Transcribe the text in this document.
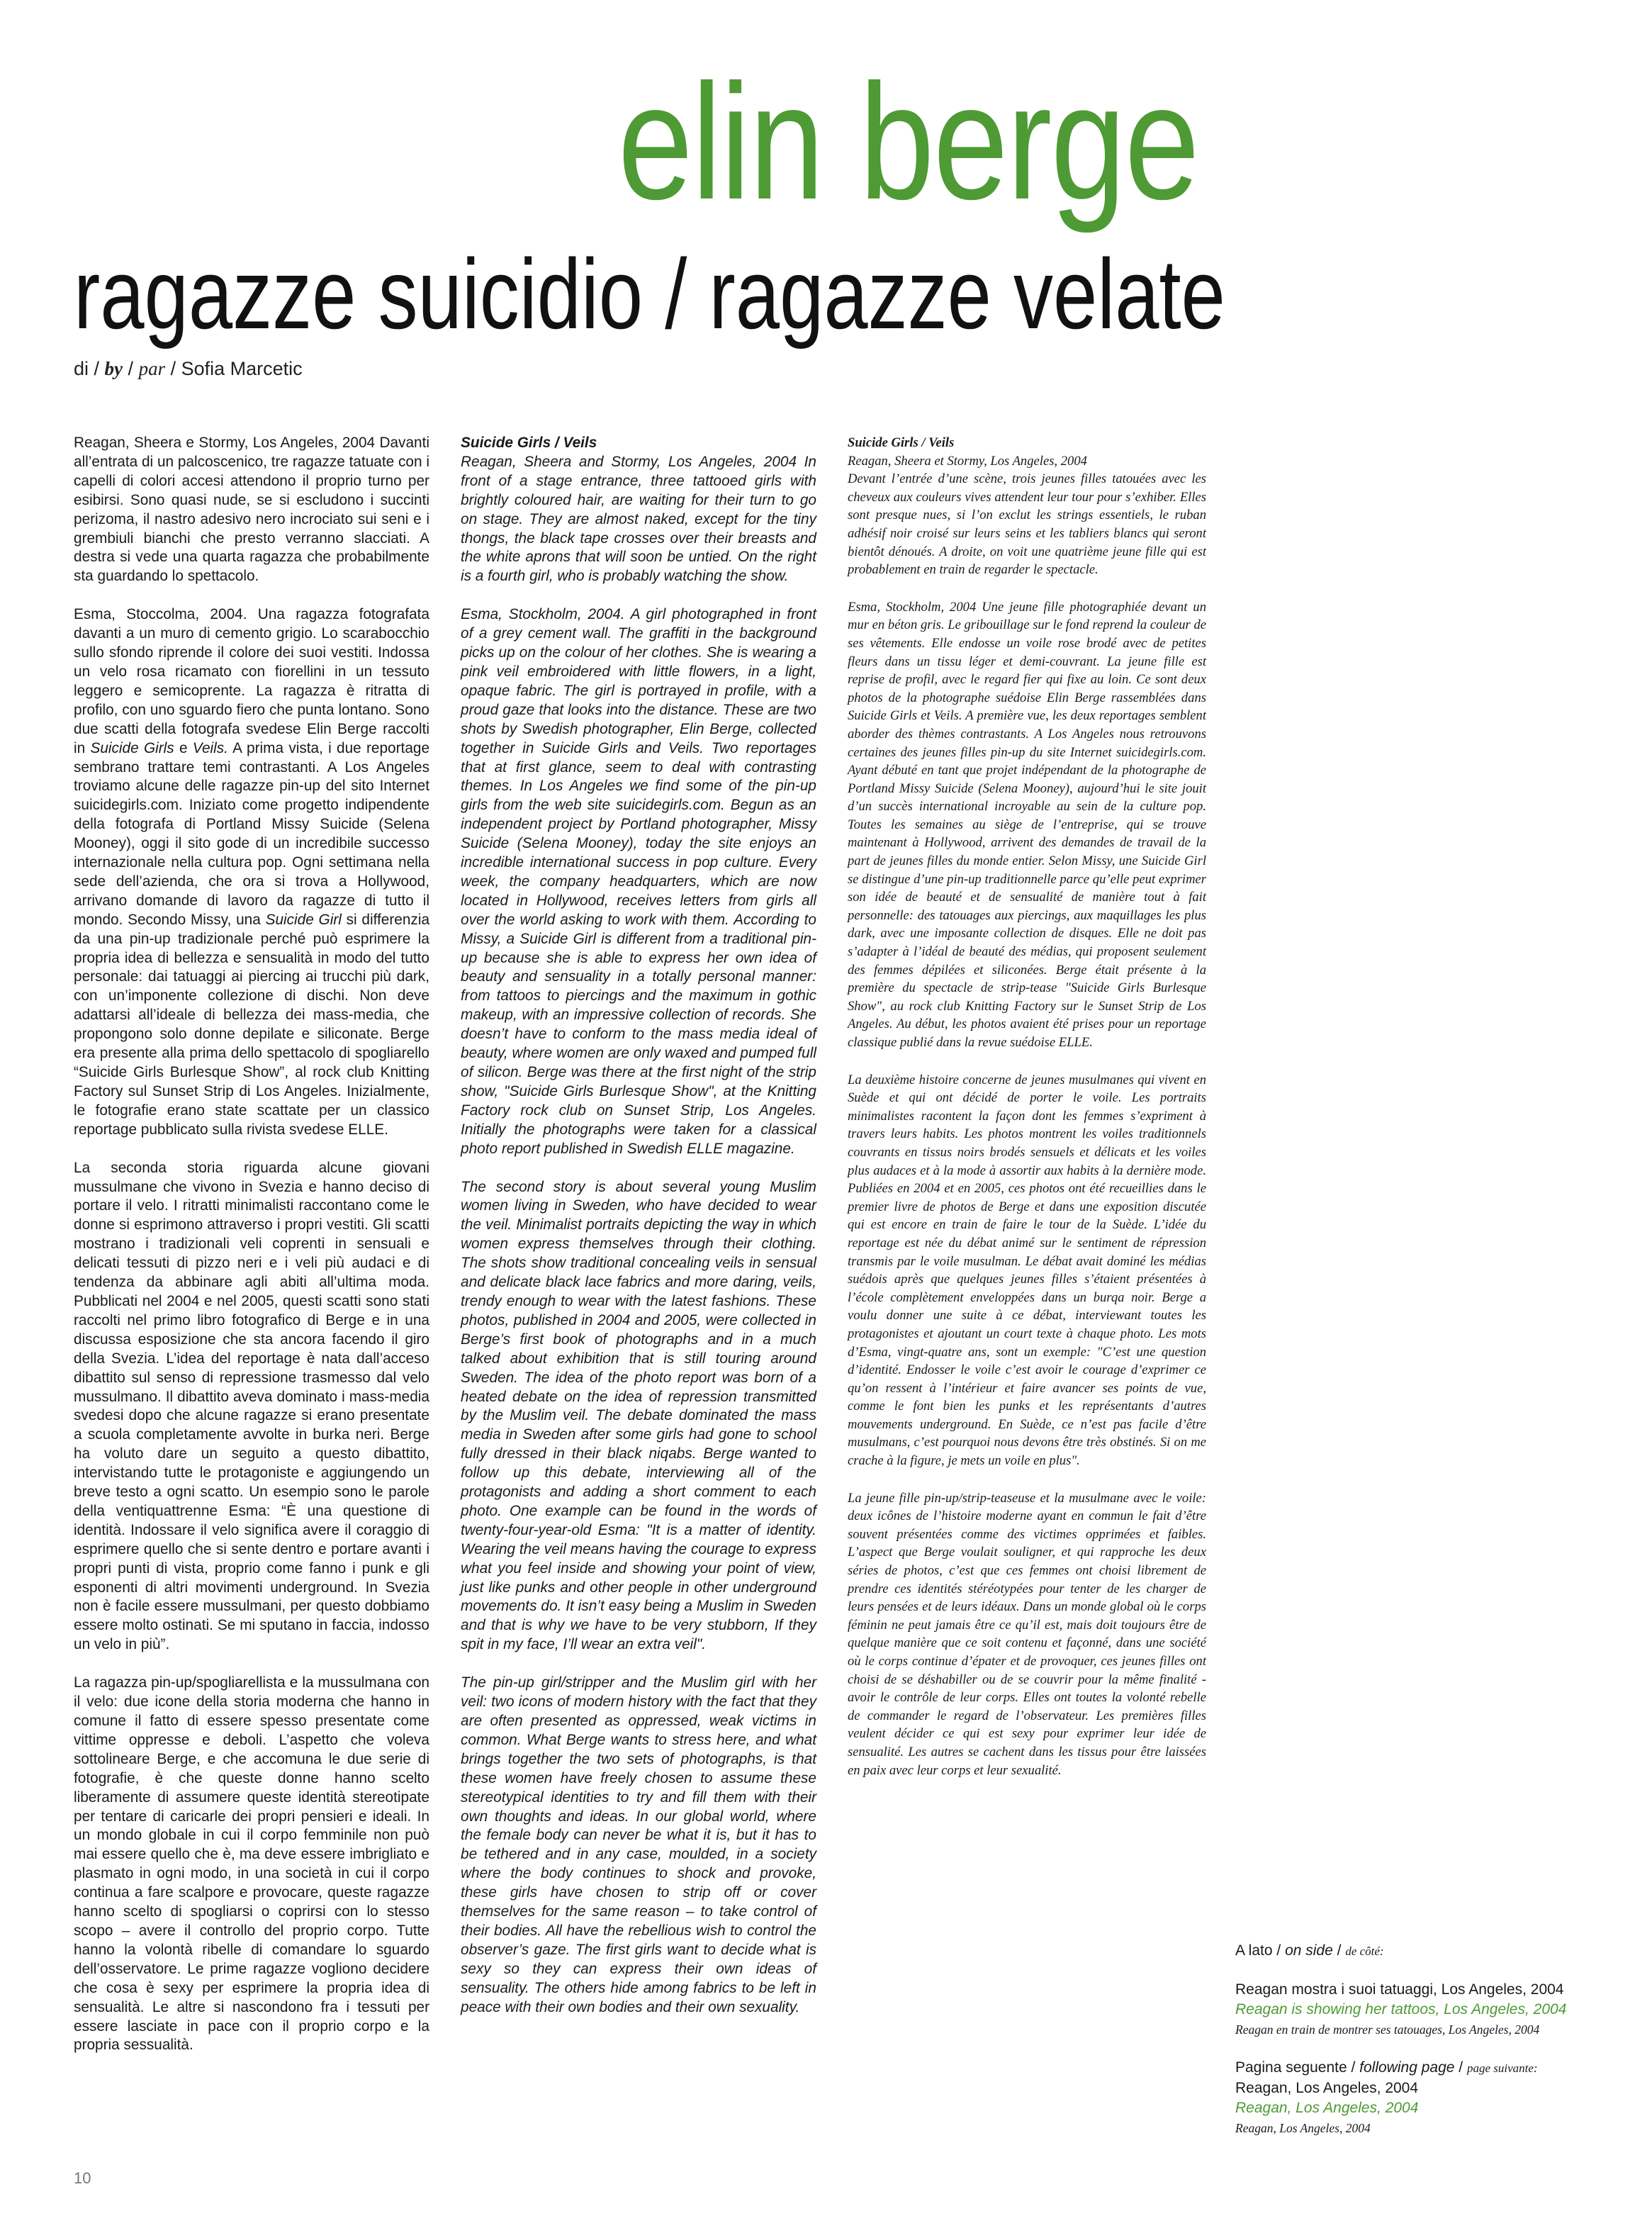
elin berge
ragazze suicidio / ragazze velate
di / by / par / Sofia Marcetic

Reagan, Sheera e Stormy, Los Angeles, 2004 Davanti all’entrata di un palcoscenico, tre ragazze tatuate con i capelli di colori accesi attendono il proprio turno per esibirsi. Sono quasi nude, se si escludono i succinti perizoma, il nastro adesivo nero incrociato sui seni e i grembiuli bianchi che presto verranno slacciati. A destra si vede una quarta ragazza che probabilmente sta guardando lo spettacolo.

Esma, Stoccolma, 2004. Una ragazza fotografata davanti a un muro di cemento grigio. Lo scarabocchio sullo sfondo riprende il colore dei suoi vestiti. Indossa un velo rosa ricamato con fiorellini in un tessuto leggero e semicoprente. La ragazza è ritratta di profilo, con uno sguardo fiero che punta lontano. Sono due scatti della fotografa svedese Elin Berge raccolti in Suicide Girls e Veils. A prima vista, i due reportage sembrano trattare temi contrastanti. A Los Angeles troviamo alcune delle ragazze pin-up del sito Internet suicidegirls.com. Iniziato come progetto indipendente della fotografa di Portland Missy Suicide (Selena Mooney), oggi il sito gode di un incredibile successo internazionale nella cultura pop. Ogni settimana nella sede dell’azienda, che ora si trova a Hollywood, arrivano domande di lavoro da ragazze di tutto il mondo. Secondo Missy, una Suicide Girl si differenzia da una pin-up tradizionale perché può esprimere la propria idea di bellezza e sensualità in modo del tutto personale: dai tatuaggi ai piercing ai trucchi più dark, con un’imponente collezione di dischi. Non deve adattarsi all’ideale di bellezza dei mass-media, che propongono solo donne depilate e siliconate. Berge era presente alla prima dello spettacolo di spogliarello “Suicide Girls Burlesque Show”, al rock club Knitting Factory sul Sunset Strip di Los Angeles. Inizialmente, le fotografie erano state scattate per un classico reportage pubblicato sulla rivista svedese ELLE.

La seconda storia riguarda alcune giovani mussulmane che vivono in Svezia e hanno deciso di portare il velo. I ritratti minimalisti raccontano come le donne si esprimono attraverso i propri vestiti. Gli scatti mostrano i tradizionali veli coprenti in sensuali e delicati tessuti di pizzo neri e i veli più audaci e di tendenza da abbinare agli abiti all’ultima moda. Pubblicati nel 2004 e nel 2005, questi scatti sono stati raccolti nel primo libro fotografico di Berge e in una discussa esposizione che sta ancora facendo il giro della Svezia. L’idea del reportage è nata dall’acceso dibattito sul senso di repressione trasmesso dal velo mussulmano. Il dibattito aveva dominato i mass-media svedesi dopo che alcune ragazze si erano presentate a scuola completamente avvolte in burka neri. Berge ha voluto dare un seguito a questo dibattito, intervistando tutte le protagoniste e aggiungendo un breve testo a ogni scatto. Un esempio sono le parole della ventiquattrenne Esma: “È una questione di identità. Indossare il velo significa avere il coraggio di esprimere quello che si sente dentro e portare avanti i propri punti di vista, proprio come fanno i punk e gli esponenti di altri movimenti underground. In Svezia non è facile essere mussulmani, per questo dobbiamo essere molto ostinati. Se mi sputano in faccia, indosso un velo in più”.

La ragazza pin-up/spogliarellista e la mussulmana con il velo: due icone della storia moderna che hanno in comune il fatto di essere spesso presentate come vittime oppresse e deboli. L’aspetto che voleva sottolineare Berge, e che accomuna le due serie di fotografie, è che queste donne hanno scelto liberamente di assumere queste identità stereotipate per tentare di caricarle dei propri pensieri e ideali. In un mondo globale in cui il corpo femminile non può mai essere quello che è, ma deve essere imbrigliato e plasmato in ogni modo, in una società in cui il corpo continua a fare scalpore e provocare, queste ragazze hanno scelto di spogliarsi o coprirsi con lo stesso scopo – avere il controllo del proprio corpo. Tutte hanno la volontà ribelle di comandare lo sguardo dell’osservatore. Le prime ragazze vogliono decidere che cosa è sexy per esprimere la propria idea di sensualità. Le altre si nascondono fra i tessuti per essere lasciate in pace con il proprio corpo e la propria sessualità.

Suicide Girls / Veils

Reagan, Sheera and Stormy, Los Angeles, 2004 In front of a stage entrance, three tattooed girls with brightly coloured hair, are waiting for their turn to go on stage. They are almost naked, except for the tiny thongs, the black tape crosses over their breasts and the white aprons that will soon be untied. On the right is a fourth girl, who is probably watching the show.

Esma, Stockholm, 2004. A girl photographed in front of a grey cement wall. The graffiti in the background picks up on the colour of her clothes. She is wearing a pink veil embroidered with little flowers, in a light, opaque fabric. The girl is portrayed in profile, with a proud gaze that looks into the distance. These are two shots by Swedish photographer, Elin Berge, collected together in Suicide Girls and Veils. Two reportages that at first glance, seem to deal with contrasting themes. In Los Angeles we find some of the pin-up girls from the web site suicidegirls.com. Begun as an independent project by Portland photographer, Missy Suicide (Selena Mooney), today the site enjoys an incredible international success in pop culture. Every week, the company headquarters, which are now located in Hollywood, receives letters from girls all over the world asking to work with them. According to Missy, a Suicide Girl is different from a traditional pin-up because she is able to express her own idea of beauty and sensuality in a totally personal manner: from tattoos to piercings and the maximum in gothic makeup, with an impressive collection of records. She doesn’t have to conform to the mass media ideal of beauty, where women are only waxed and pumped full of silicon. Berge was there at the first night of the strip show, "Suicide Girls Burlesque Show", at the Knitting Factory rock club on Sunset Strip, Los Angeles. Initially the photographs were taken for a classical photo report published in Swedish ELLE magazine.

The second story is about several young Muslim women living in Sweden, who have decided to wear the veil. Minimalist portraits depicting the way in which women express themselves through their clothing. The shots show traditional concealing veils in sensual and delicate black lace fabrics and more daring, veils, trendy enough to wear with the latest fashions. These photos, published in 2004 and 2005, were collected in Berge’s first book of photographs and in a much talked about exhibition that is still touring around Sweden. The idea of the photo report was born of a heated debate on the idea of repression transmitted by the Muslim veil. The debate dominated the mass media in Sweden after some girls had gone to school fully dressed in their black niqabs. Berge wanted to follow up this debate, interviewing all of the protagonists and adding a short comment to each photo. One example can be found in the words of twenty-four-year-old Esma: "It is a matter of identity. Wearing the veil means having the courage to express what you feel inside and showing your point of view, just like punks and other people in other underground movements do. It isn’t easy being a Muslim in Sweden and that is why we have to be very stubborn, If they spit in my face, I’ll wear an extra veil".

The pin-up girl/stripper and the Muslim girl with her veil: two icons of modern history with the fact that they are often presented as oppressed, weak victims in common. What Berge wants to stress here, and what brings together the two sets of photographs, is that these women have freely chosen to assume these stereotypical identities to try and fill them with their own thoughts and ideas. In our global world, where the female body can never be what it is, but it has to be tethered and in any case, moulded, in a society where the body continues to shock and provoke, these girls have chosen to strip off or cover themselves for the same reason – to take control of their bodies. All have the rebellious wish to control the observer’s gaze. The first girls want to decide what is sexy so they can express their own ideas of sensuality. The others hide among fabrics to be left in peace with their own bodies and their own sexuality.

Suicide Girls / Veils

Reagan, Sheera et Stormy, Los Angeles, 2004

Devant l’entrée d’une scène, trois jeunes filles tatouées avec les cheveux aux couleurs vives attendent leur tour pour s’exhiber. Elles sont presque nues, si l’on exclut les strings essentiels, le ruban adhésif noir croisé sur leurs seins et les tabliers blancs qui seront bientôt dénoués. A droite, on voit une quatrième jeune fille qui est probablement en train de regarder le spectacle.

Esma, Stockholm, 2004 Une jeune fille photographiée devant un mur en béton gris. Le gribouillage sur le fond reprend la couleur de ses vêtements. Elle endosse un voile rose brodé avec de petites fleurs dans un tissu léger et demi-couvrant. La jeune fille est reprise de profil, avec le regard fier qui fixe au loin. Ce sont deux photos de la photographe suédoise Elin Berge rassemblées dans Suicide Girls et Veils. A première vue, les deux reportages semblent aborder des thèmes contrastants. A Los Angeles nous retrouvons certaines des jeunes filles pin-up du site Internet suicidegirls.com. Ayant débuté en tant que projet indépendant de la photographe de Portland Missy Suicide (Selena Mooney), aujourd’hui le site jouit d’un succès international incroyable au sein de la culture pop. Toutes les semaines au siège de l’entreprise, qui se trouve maintenant à Hollywood, arrivent des demandes de travail de la part de jeunes filles du monde entier. Selon Missy, une Suicide Girl se distingue d’une pin-up traditionnelle parce qu’elle peut exprimer son idée de beauté et de sensualité de manière tout à fait personnelle: des tatouages aux piercings, aux maquillages les plus dark, avec une imposante collection de disques. Elle ne doit pas s’adapter à l’idéal de beauté des médias, qui proposent seulement des femmes dépilées et siliconées. Berge était présente à la première du spectacle de strip-tease "Suicide Girls Burlesque Show", au rock club Knitting Factory sur le Sunset Strip de Los Angeles. Au début, les photos avaient été prises pour un reportage classique publié dans la revue suédoise ELLE.

La deuxième histoire concerne de jeunes musulmanes qui vivent en Suède et qui ont décidé de porter le voile. Les portraits minimalistes racontent la façon dont les femmes s’expriment à travers leurs habits. Les photos montrent les voiles traditionnels couvrants en tissus noirs brodés sensuels et délicats et les voiles plus audaces et à la mode à assortir aux habits à la dernière mode. Publiées en 2004 et en 2005, ces photos ont été recueillies dans le premier livre de photos de Berge et dans une exposition discutée qui est encore en train de faire le tour de la Suède. L’idée du reportage est née du débat animé sur le sentiment de répression transmis par le voile musulman. Le débat avait dominé les médias suédois après que quelques jeunes filles s’étaient présentées à l’école complètement enveloppées dans un burqa noir. Berge a voulu donner une suite à ce débat, interviewant toutes les protagonistes et ajoutant un court texte à chaque photo. Les mots d’Esma, vingt-quatre ans, sont un exemple: "C’est une question d’identité. Endosser le voile c’est avoir le courage d’exprimer ce qu’on ressent à l’intérieur et faire avancer ses points de vue, comme le font bien les punks et les représentants d’autres mouvements underground. En Suède, ce n’est pas facile d’être musulmans, c’est pourquoi nous devons être très obstinés. Si on me crache à la figure, je mets un voile en plus".

La jeune fille pin-up/strip-teaseuse et la musulmane avec le voile: deux icônes de l’histoire moderne ayant en commun le fait d’être souvent présentées comme des victimes opprimées et faibles. L’aspect que Berge voulait souligner, et qui rapproche les deux séries de photos, c’est que ces femmes ont choisi librement de prendre ces identités stéréotypées pour tenter de les charger de leurs pensées et de leurs idéaux. Dans un monde global où le corps féminin ne peut jamais être ce qu’il est, mais doit toujours être de quelque manière que ce soit contenu et façonné, dans une société où le corps continue d’épater et de provoquer, ces jeunes filles ont choisi de se déshabiller ou de se couvrir pour la même finalité - avoir le contrôle de leur corps. Elles ont toutes la volonté rebelle de commander le regard de l’observateur. Les premières filles veulent décider ce qui est sexy pour exprimer leur idée de sensualité. Les autres se cachent dans les tissus pour être laissées en paix avec leur corps et leur sexualité.

A lato / on side / de côté:
Reagan mostra i suoi tatuaggi, Los Angeles, 2004
Reagan is showing her tattoos, Los Angeles, 2004
Reagan en train de montrer ses tatouages, Los Angeles, 2004
Pagina seguente / following page / page suivante:
Reagan, Los Angeles, 2004
Reagan, Los Angeles, 2004
Reagan, Los Angeles, 2004
10
